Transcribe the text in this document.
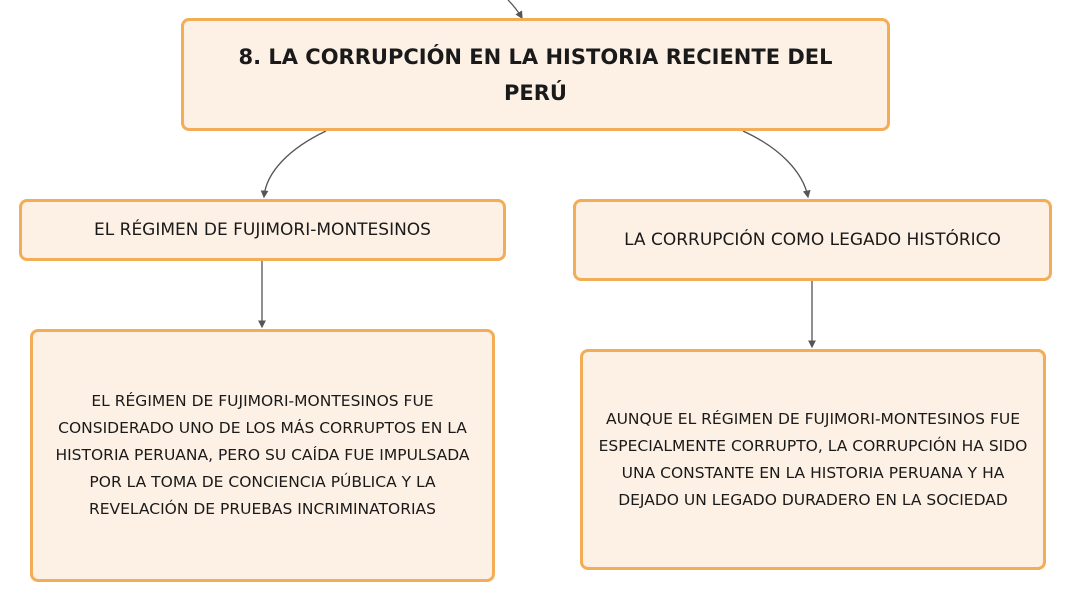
8. LA CORRUPCIÓN EN LA HISTORIA RECIENTE DEL PERÚ
EL RÉGIMEN DE FUJIMORI-MONTESINOS	LA CORRUPCIÓN COMO LEGADO HISTÓRICO
EL RÉGIMEN DE FUJIMORI-MONTESINOS FUE CONSIDERADO UNO DE LOS MÁS CORRUPTOS EN LA HISTORIA PERUANA, PERO SU CAÍDA FUE IMPULSADA POR LA TOMA DE CONCIENCIA PÚBLICA Y LA REVELACIÓN DE PRUEBAS INCRIMINATORIAS
AUNQUE EL RÉGIMEN DE FUJIMORI-MONTESINOS FUE ESPECIALMENTE CORRUPTO, LA CORRUPCIÓN HA SIDO UNA CONSTANTE EN LA HISTORIA PERUANA Y HA DEJADO UN LEGADO DURADERO EN LA SOCIEDAD
